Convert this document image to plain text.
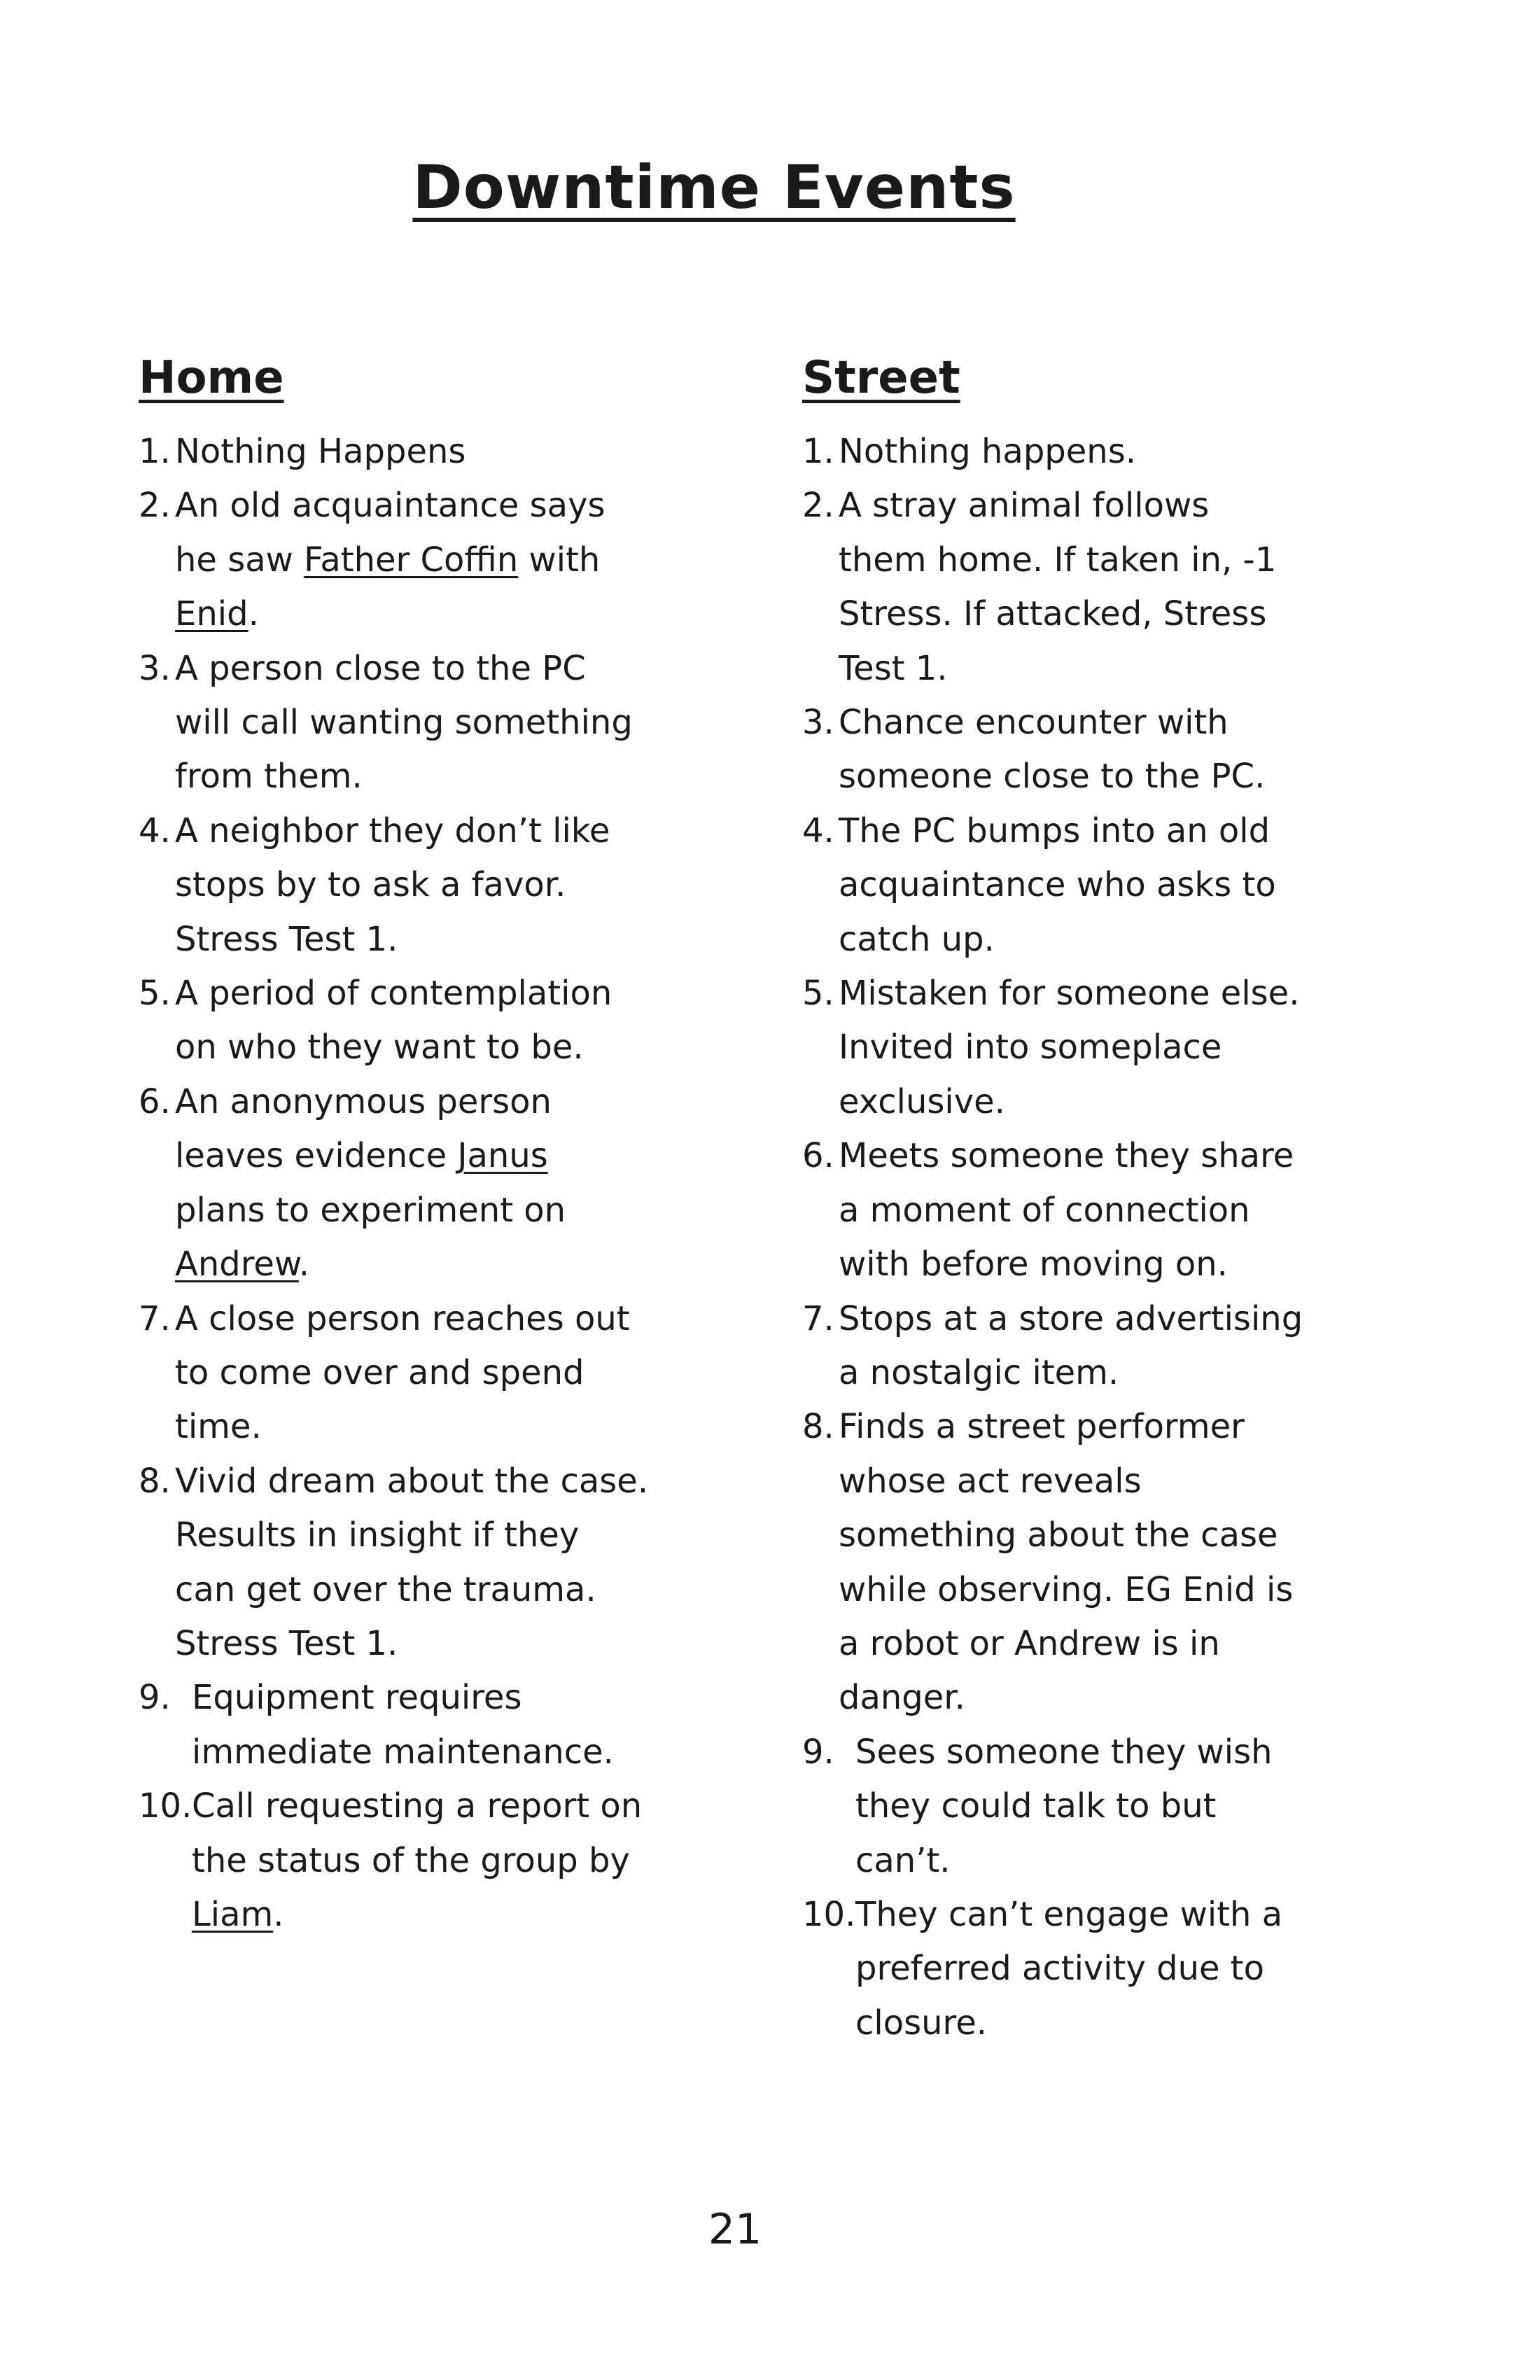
Downtime Events
Home
1. Nothing Happens
2. An old acquaintance says
he saw Father Coffin with
Enid.
3. A person close to the PC
will call wanting something
from them.
4. A neighbor they don’t like
stops by to ask a favor.
Stress Test 1.
5. A period of contemplation
on who they want to be.
6. An anonymous person
leaves evidence Janus
plans to experiment on
Andrew.
7. A close person reaches out
to come over and spend
time.
8. Vivid dream about the case.
Results in insight if they
can get over the trauma.
Stress Test 1.
9. Equipment requires
immediate maintenance.
10. Call requesting a report on
the status of the group by
Liam.
Street
1. Nothing happens.
2. A stray animal follows
them home. If taken in, -1
Stress. If attacked, Stress
Test 1.
3. Chance encounter with
someone close to the PC.
4. The PC bumps into an old
acquaintance who asks to
catch up.
5. Mistaken for someone else.
Invited into someplace
exclusive.
6. Meets someone they share
a moment of connection
with before moving on.
7. Stops at a store advertising
a nostalgic item.
8. Finds a street performer
whose act reveals
something about the case
while observing. EG Enid is
a robot or Andrew is in
danger.
9. Sees someone they wish
they could talk to but
can’t.
10. They can’t engage with a
preferred activity due to
closure.
21
